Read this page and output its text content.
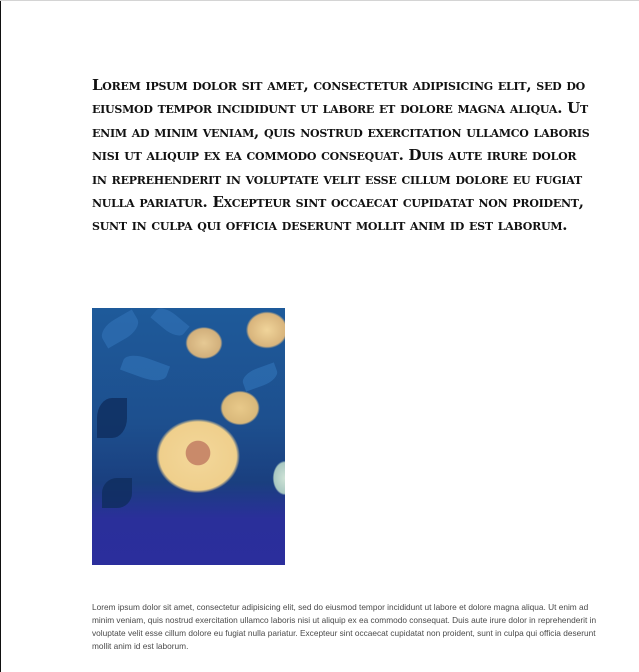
Lorem ipsum dolor sit amet, consectetur adipisicing elit, sed do eiusmod tempor incididunt ut labore et dolore magna aliqua. Ut enim ad minim veniam, quis nostrud exercitation ullamco laboris nisi ut aliquip ex ea commodo consequat. Duis aute irure dolor in reprehenderit in voluptate velit esse cillum dolore eu fugiat nulla pariatur. Excepteur sint occaecat cupidatat non proident, sunt in culpa qui officia deserunt mollit anim id est laborum.

Lorem ipsum dolor sit amet, consectetur adipisicing elit, sed do eiusmod tempor incididunt ut labore et dolore magna aliqua. Ut enim ad minim veniam, quis nostrud exercitation ullamco laboris nisi ut aliquip ex ea commodo consequat. Duis aute irure dolor in reprehenderit in voluptate velit esse cillum dolore eu fugiat nulla pariatur. Excepteur sint occaecat cupidatat non proident, sunt in culpa qui officia deserunt mollit anim id est laborum.
